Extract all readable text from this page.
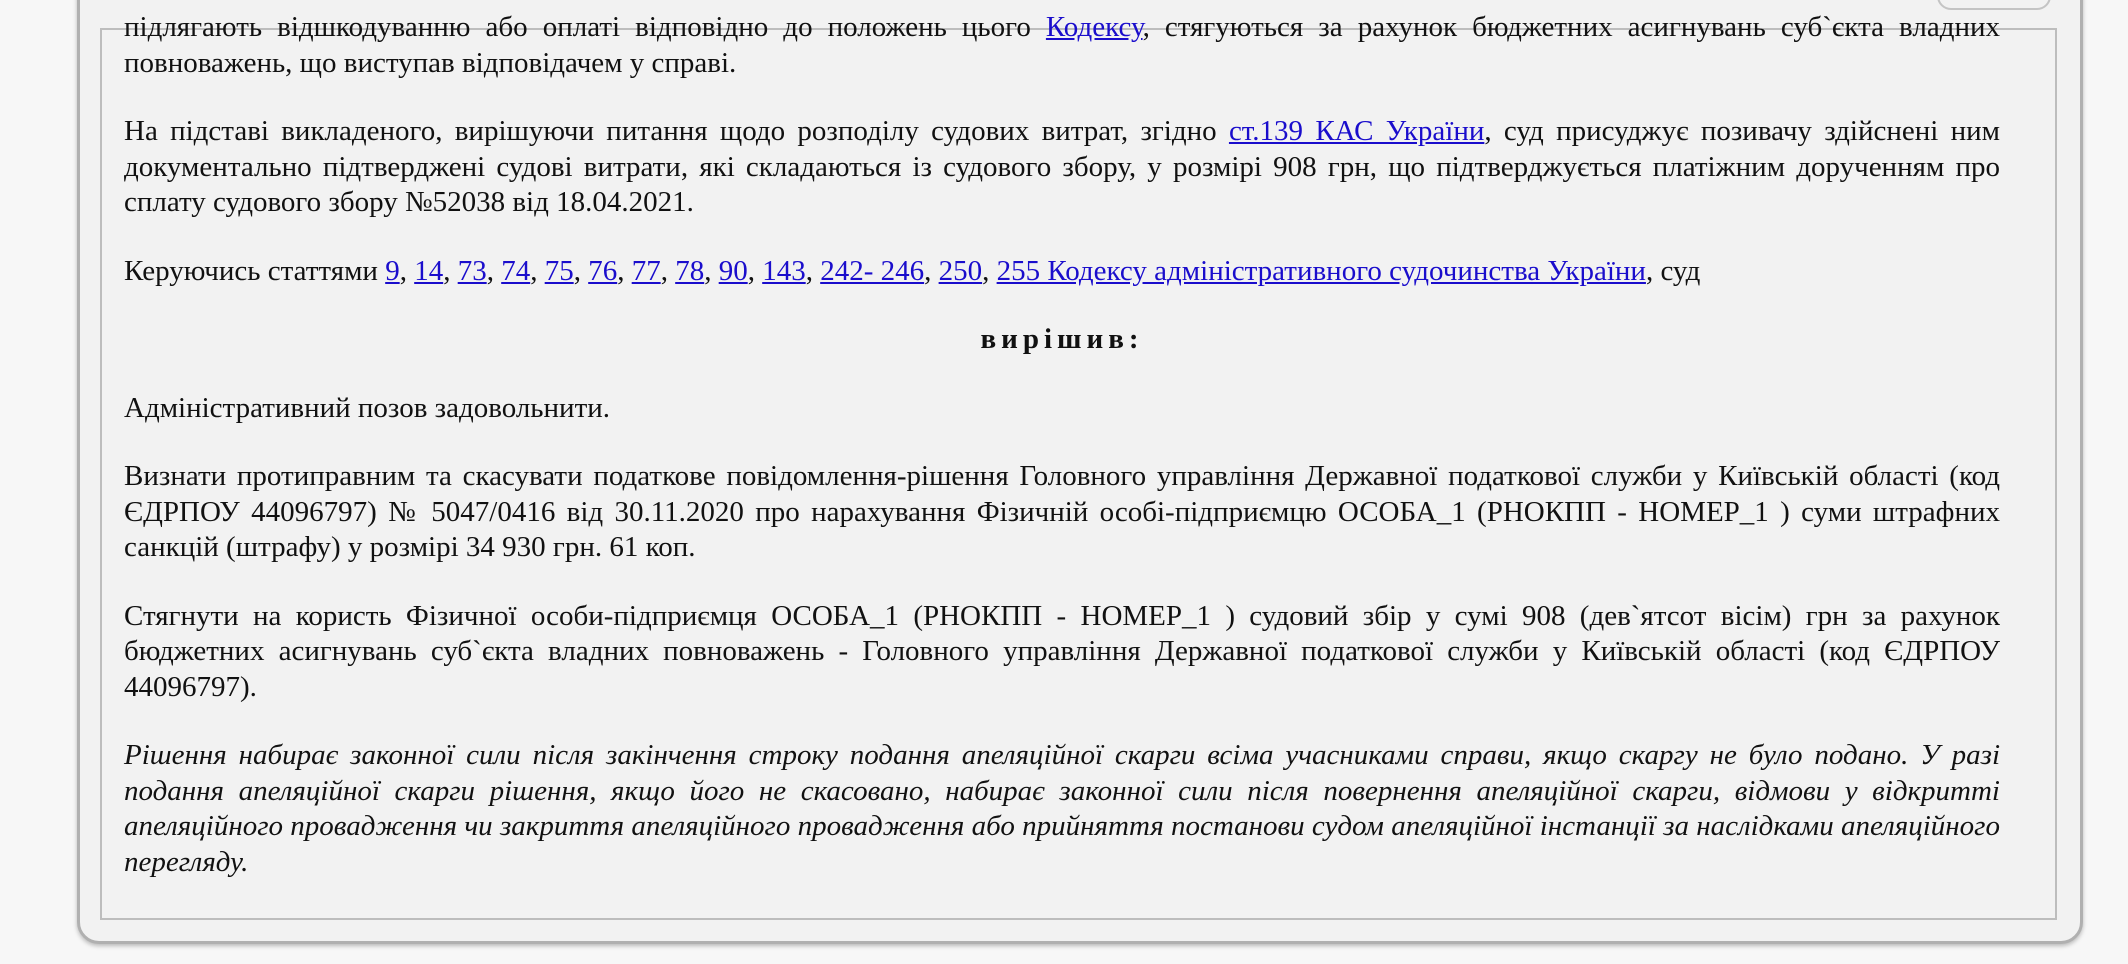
підлягають відшкодуванню або оплаті відповідно до положень цього Кодексу, стягуються за рахунок бюджетних асигнувань суб`єкта владних повноважень, що виступав відповідачем у справі.

На підставі викладеного, вирішуючи питання щодо розподілу судових витрат, згідно ст.139 КАС України, суд присуджує позивачу здійснені ним документально підтверджені судові витрати, які складаються із судового збору, у розмірі 908 грн, що підтверджується платіжним дорученням про сплату судового збору №52038 від 18.04.2021.

Керуючись статтями 9, 14, 73, 74, 75, 76, 77, 78, 90, 143, 242- 246, 250, 255 Кодексу адміністративного судочинства України, суд

вирішив:

Адміністративний позов задовольнити.

Визнати протиправним та скасувати податкове повідомлення-рішення Головного управління Державної податкової служби у Київській області (код ЄДРПОУ 44096797) № 5047/0416 від 30.11.2020 про нарахування Фізичній особі-підприємцю ОСОБА_1 (РНОКПП - НОМЕР_1 ) суми штрафних санкцій (штрафу) у розмірі 34 930 грн. 61 коп.

Стягнути на користь Фізичної особи-підприємця ОСОБА_1 (РНОКПП - НОМЕР_1 ) судовий збір у сумі 908 (дев`ятсот вісім) грн за рахунок бюджетних асигнувань суб`єкта владних повноважень - Головного управління Державної податкової служби у Київській області (код ЄДРПОУ 44096797).

Рішення набирає законної сили після закінчення строку подання апеляційної скарги всіма учасниками справи, якщо скаргу не було подано. У разі подання апеляційної скарги рішення, якщо його не скасовано, набирає законної сили після повернення апеляційної скарги, відмови у відкритті апеляційного провадження чи закриття апеляційного провадження або прийняття постанови судом апеляційної інстанції за наслідками апеляційного перегляду.
